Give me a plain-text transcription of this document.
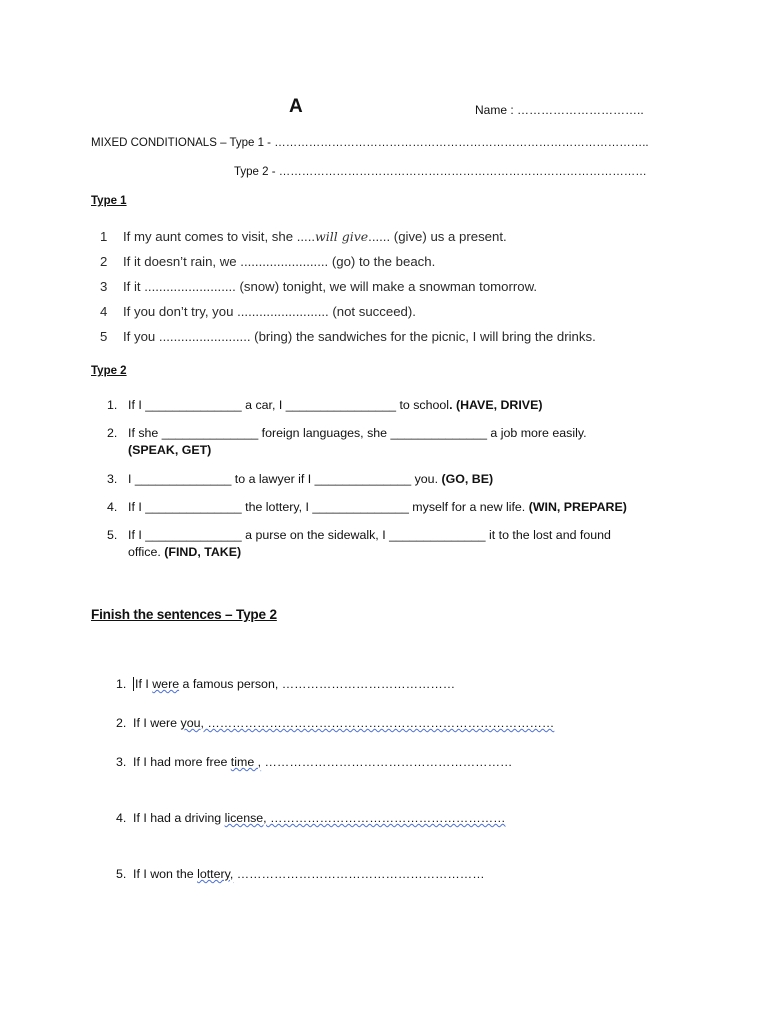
A	Name : …………………………..
MIXED CONDITIONALS – Type 1 - ……………………………………………………………………………………..
Type 2 - ……………………………………………………………………………………
Type 1
1 If my aunt comes to visit, she .....will give...... (give) us a present.
2 If it doesn’t rain, we ........................ (go) to the beach.
3 If it ......................... (snow) tonight, we will make a snowman tomorrow.
4 If you don’t try, you ......................... (not succeed).
5 If you ......................... (bring) the sandwiches for the picnic, I will bring the drinks.
Type 2
1. If I ______________ a car, I ________________ to school. (HAVE, DRIVE)
2. If she ______________ foreign languages, she ______________ a job more easily.
(SPEAK, GET)
3. I ______________ to a lawyer if I ______________ you. (GO, BE)
4. If I ______________ the lottery, I ______________ myself for a new life. (WIN, PREPARE)
5. If I ______________ a purse on the sidewalk, I ______________ it to the lost and found
office. (FIND, TAKE)
Finish the sentences – Type 2
1. If I were a famous person, ……………………………………
2. If I were you, …………………………………………………………………………
3. If I had more free time , ……………………………………………………
4. If I had a driving license, …………………………………………………
5. If I won the lottery, ……………………………………………………
